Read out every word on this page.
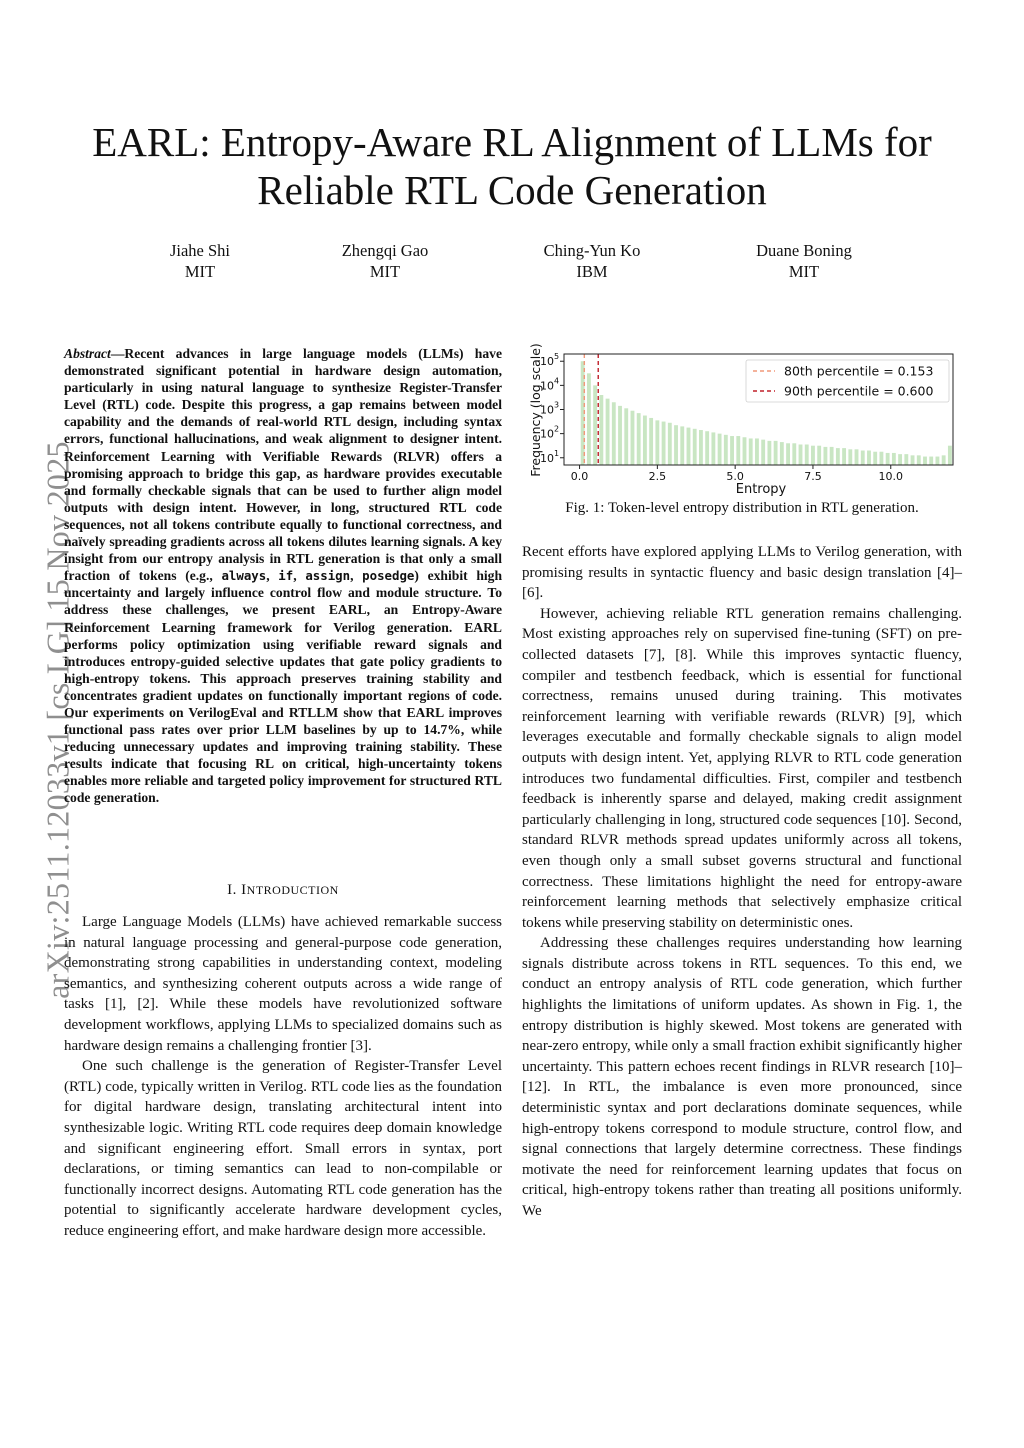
EARL: Entropy-Aware RL Alignment of LLMs for Reliable RTL Code Generation
Jiahe Shi
MIT
Zhengqi Gao
MIT
Ching-Yun Ko
IBM
Duane Boning
MIT
arXiv:2511.12033v1 [cs.LG] 15 Nov 2025
Abstract—Recent advances in large language models (LLMs) have demonstrated significant potential in hardware design automation, particularly in using natural language to synthesize Register-Transfer Level (RTL) code. Despite this progress, a gap remains between model capability and the demands of real-world RTL design, including syntax errors, functional hallucinations, and weak alignment to designer intent. Reinforcement Learning with Verifiable Rewards (RLVR) offers a promising approach to bridge this gap, as hardware provides executable and formally checkable signals that can be used to further align model outputs with design intent. However, in long, structured RTL code sequences, not all tokens contribute equally to functional correctness, and naïvely spreading gradients across all tokens dilutes learning signals. A key insight from our entropy analysis in RTL generation is that only a small fraction of tokens (e.g., always, if, assign, posedge) exhibit high uncertainty and largely influence control flow and module structure. To address these challenges, we present EARL, an Entropy-Aware Reinforcement Learning framework for Verilog generation. EARL performs policy optimization using verifiable reward signals and introduces entropy-guided selective updates that gate policy gradients to high-entropy tokens. This approach preserves training stability and concentrates gradient updates on functionally important regions of code. Our experiments on VerilogEval and RTLLM show that EARL improves functional pass rates over prior LLM baselines by up to 14.7%, while reducing unnecessary updates and improving training stability. These results indicate that focusing RL on critical, high-uncertainty tokens enables more reliable and targeted policy improvement for structured RTL code generation.
I. INTRODUCTION

Large Language Models (LLMs) have achieved remarkable success in natural language processing and general-purpose code generation, demonstrating strong capabilities in understanding context, modeling semantics, and synthesizing coherent outputs across a wide range of tasks [1], [2]. While these models have revolutionized software development workflows, applying LLMs to specialized domains such as hardware design remains a challenging frontier [3].

One such challenge is the generation of Register-Transfer Level (RTL) code, typically written in Verilog. RTL code lies as the foundation for digital hardware design, translating architectural intent into synthesizable logic. Writing RTL code requires deep domain knowledge and significant engineering effort. Small errors in syntax, port declarations, or timing semantics can lead to non-compilable or functionally incorrect designs. Automating RTL code generation has the potential to significantly accelerate hardware development cycles, reduce engineering effort, and make hardware design more accessible.

10 1
10 2
10 3
10 4
10 5
0.0	2.5	5.0	7.5	10.0
Frequency (log scale)
Entropy
80th percentile = 0.153
90th percentile = 0.600
Fig. 1: Token-level entropy distribution in RTL generation.

Recent efforts have explored applying LLMs to Verilog generation, with promising results in syntactic fluency and basic design translation [4]–[6].

However, achieving reliable RTL generation remains challenging. Most existing approaches rely on supervised fine-tuning (SFT) on pre-collected datasets [7], [8]. While this improves syntactic fluency, compiler and testbench feedback, which is essential for functional correctness, remains unused during training. This motivates reinforcement learning with verifiable rewards (RLVR) [9], which leverages executable and formally checkable signals to align model outputs with design intent. Yet, applying RLVR to RTL code generation introduces two fundamental difficulties. First, compiler and testbench feedback is inherently sparse and delayed, making credit assignment particularly challenging in long, structured code sequences [10]. Second, standard RLVR methods spread updates uniformly across all tokens, even though only a small subset governs structural and functional correctness. These limitations highlight the need for entropy-aware reinforcement learning methods that selectively emphasize critical tokens while preserving stability on deterministic ones.

Addressing these challenges requires understanding how learning signals distribute across tokens in RTL sequences. To this end, we conduct an entropy analysis of RTL code generation, which further highlights the limitations of uniform updates. As shown in Fig. 1, the entropy distribution is highly skewed. Most tokens are generated with near-zero entropy, while only a small fraction exhibit significantly higher uncertainty. This pattern echoes recent findings in RLVR research [10]–[12]. In RTL, the imbalance is even more pronounced, since deterministic syntax and port declarations dominate sequences, while high-entropy tokens correspond to module structure, control flow, and signal connections that largely determine correctness. These findings motivate the need for reinforcement learning updates that focus on critical, high-entropy tokens rather than treating all positions uniformly. We
